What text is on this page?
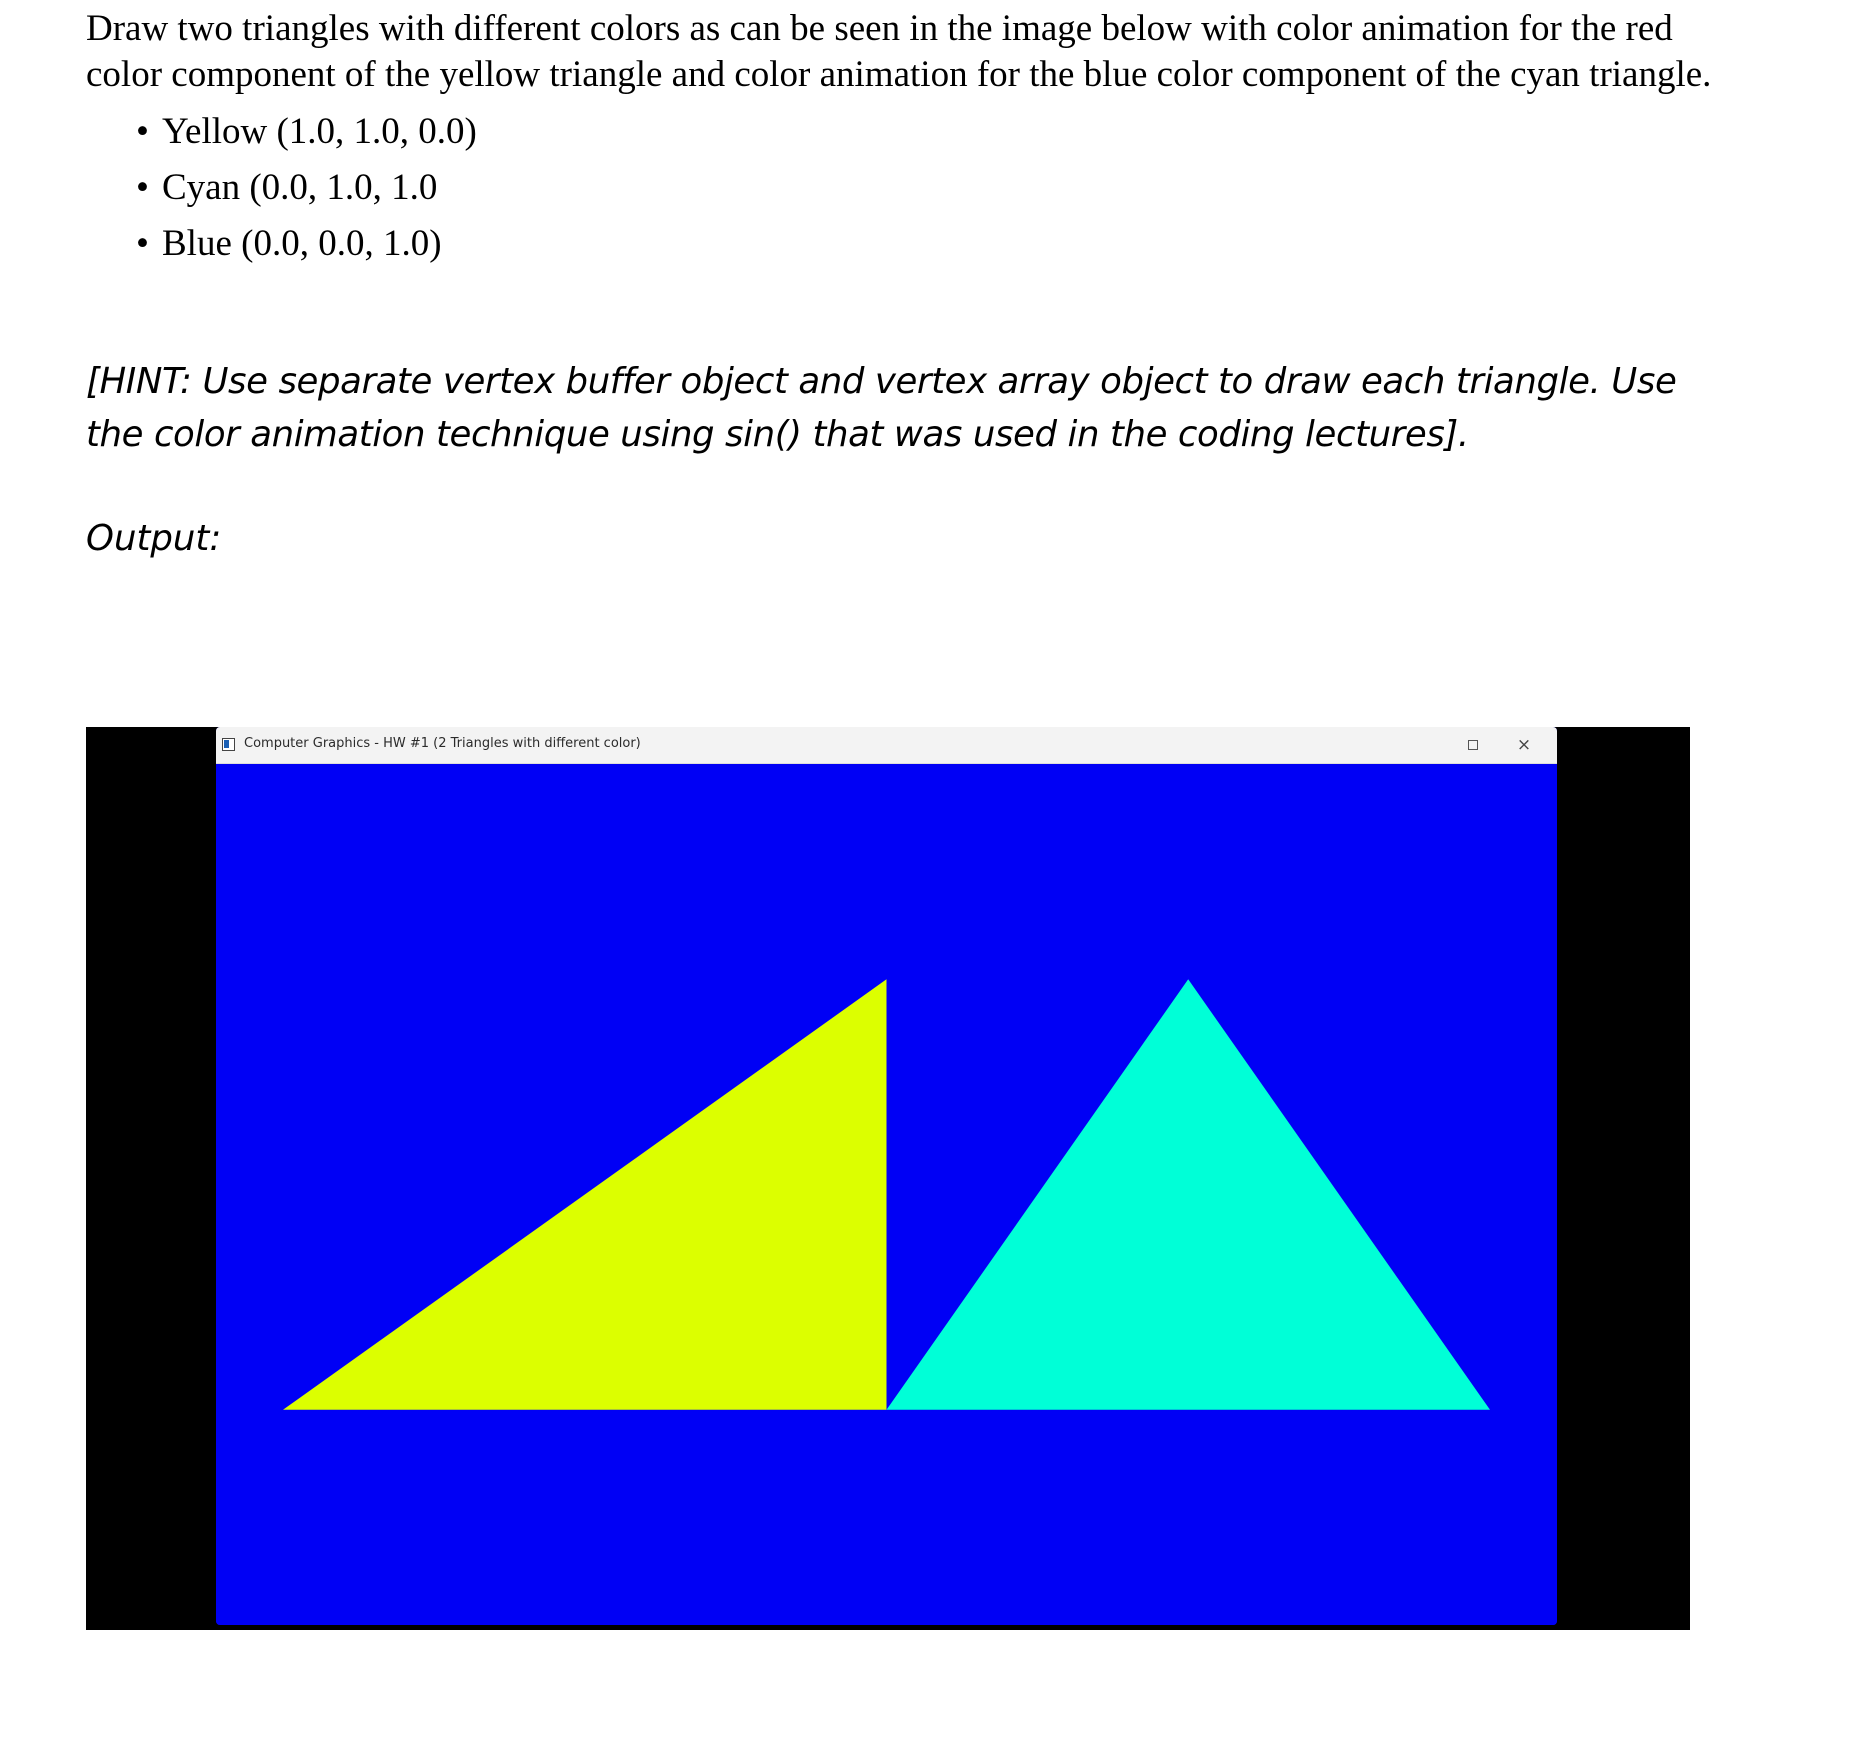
Draw two triangles with different colors as can be seen in the image below with color animation for the red color component of the yellow triangle and color animation for the blue color component of the cyan triangle.

• Yellow (1.0, 1.0, 0.0)
• Cyan (0.0, 1.0, 1.0
• Blue (0.0, 0.0, 1.0)

[HINT: Use separate vertex buffer object and vertex array object to draw each triangle. Use the color animation technique using sin() that was used in the coding lectures].

Output:
Computer Graphics - HW #1 (2 Triangles with different color)	×
